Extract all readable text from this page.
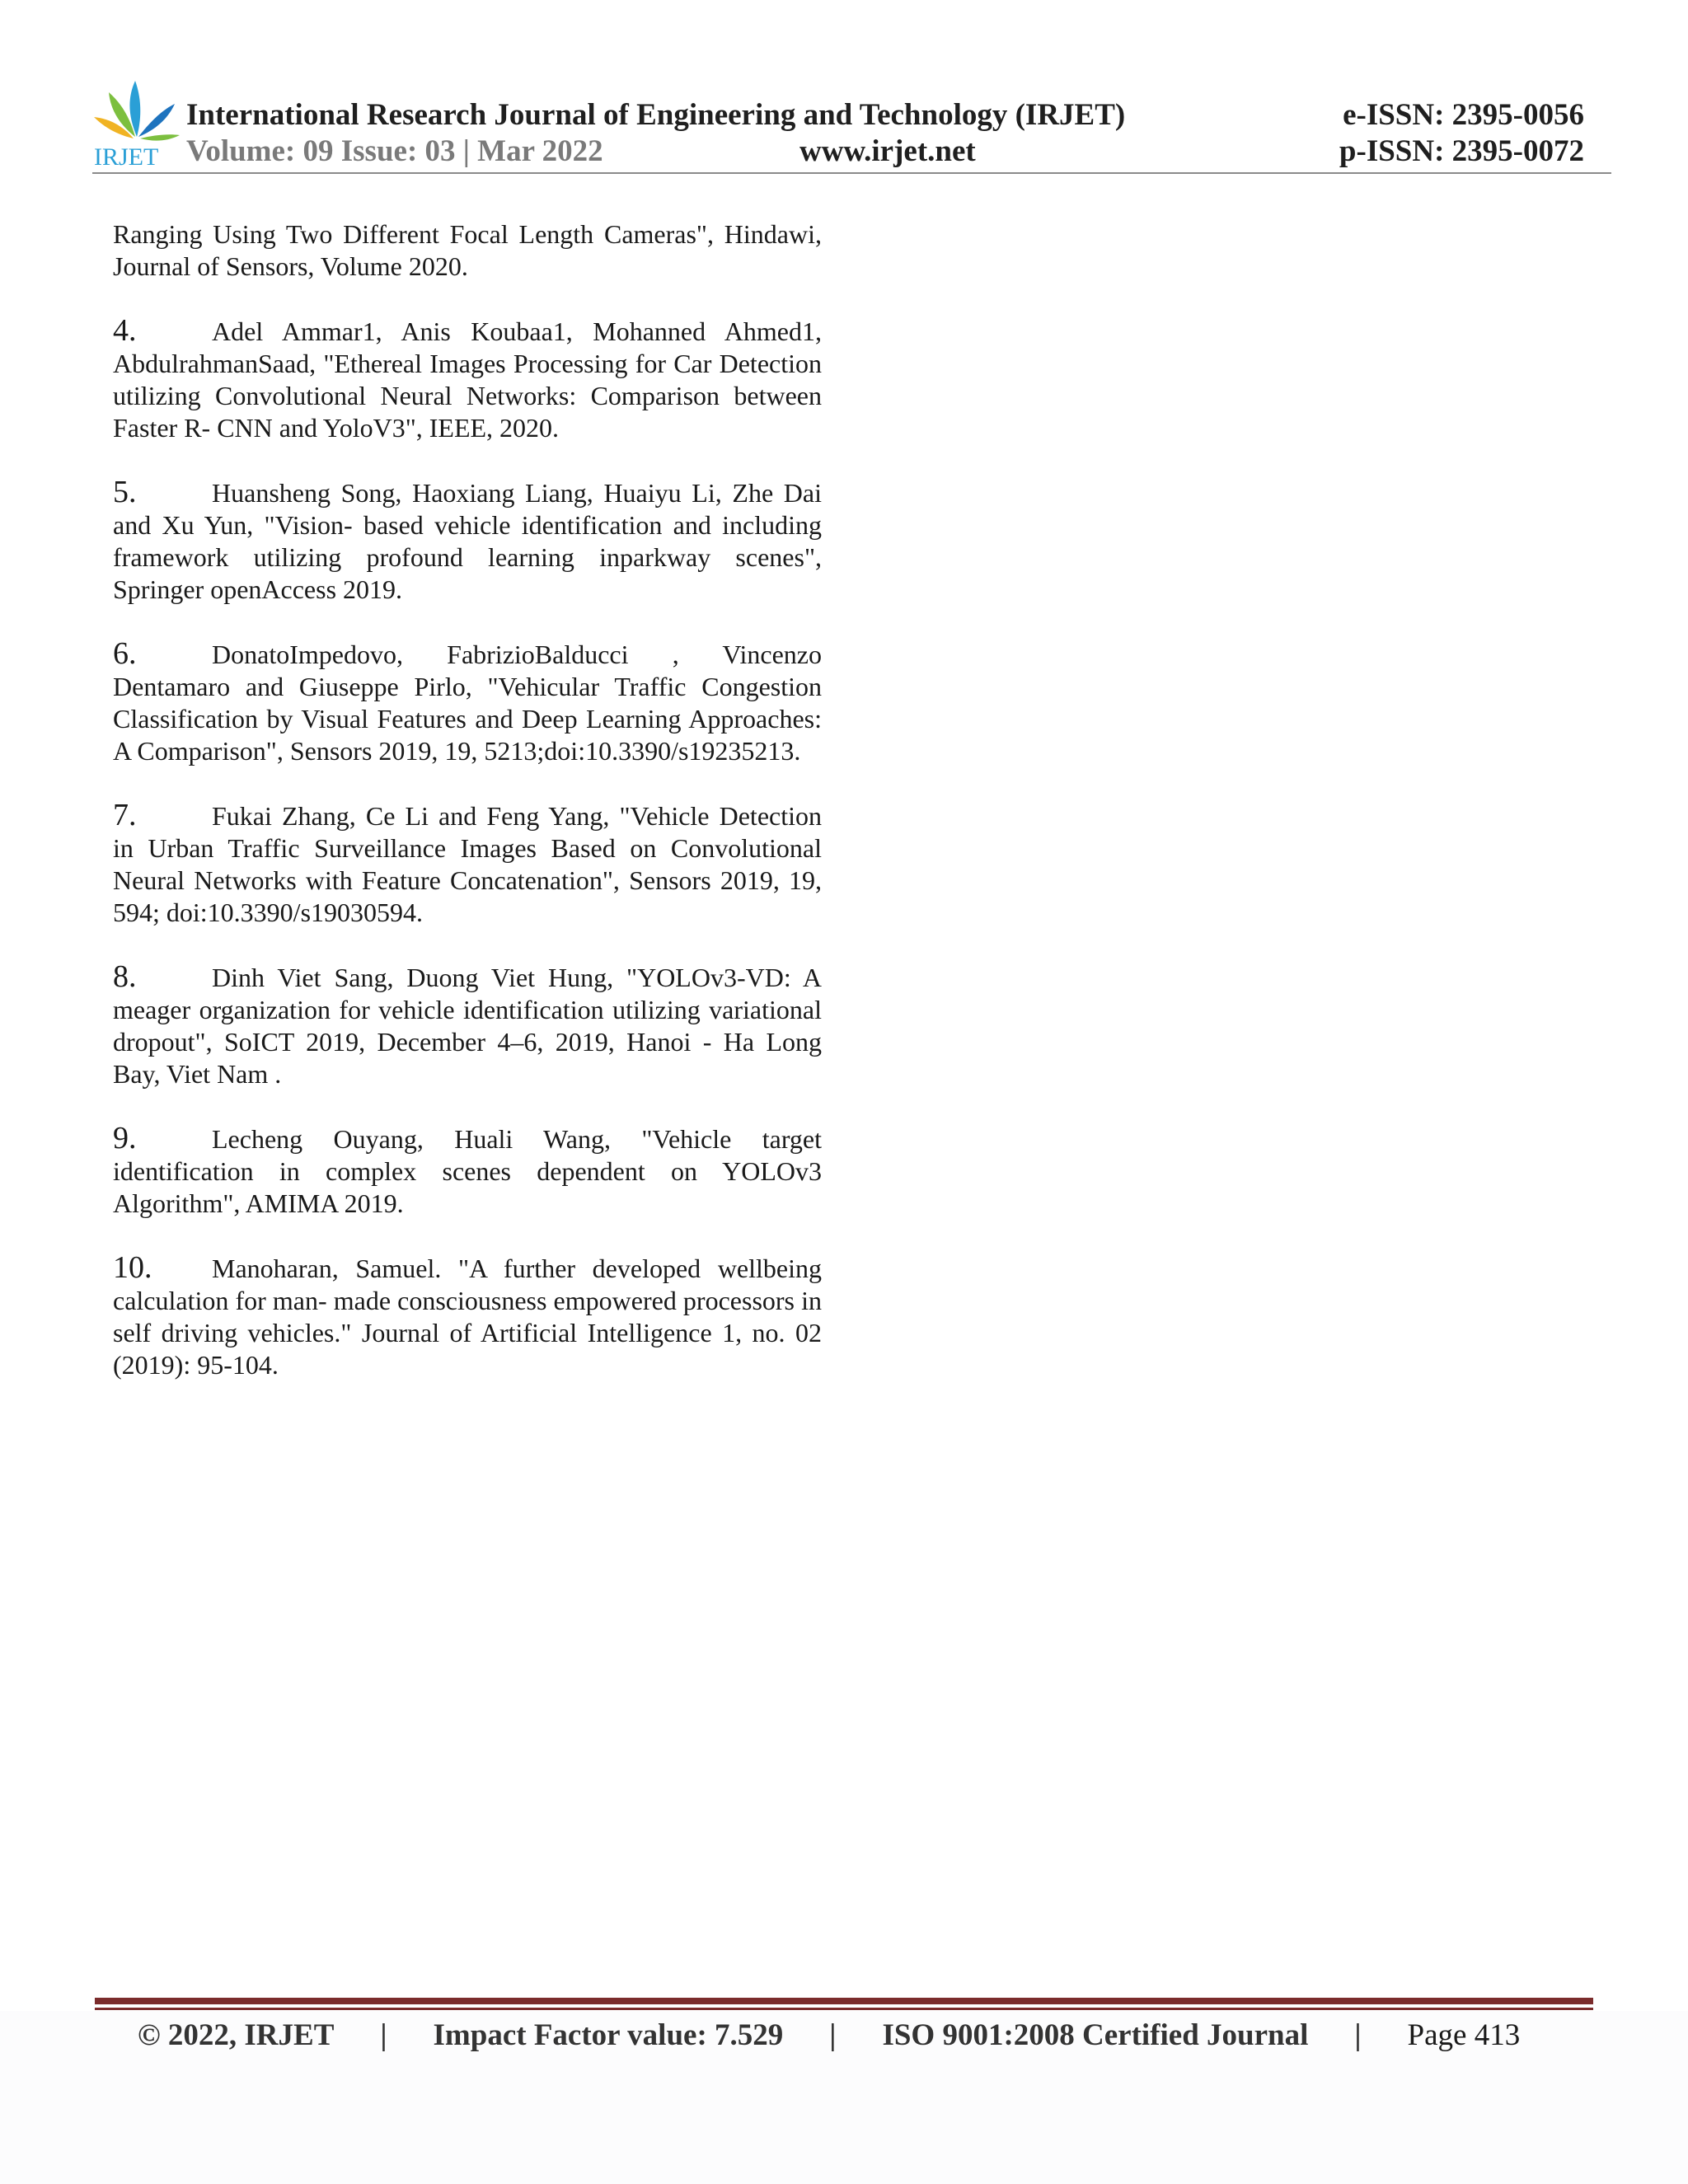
IRJET
International Research Journal of Engineering and Technology (IRJET)
Volume: 09 Issue: 03 | Mar 2022	www.irjet.net
e-ISSN: 2395-0056
p-ISSN: 2395-0072

Ranging Using Two Different Focal Length Cameras", Hindawi, Journal of Sensors, Volume 2020.

4.	Adel Ammar1, Anis Koubaa1, Mohanned Ahmed1, AbdulrahmanSaad, "Ethereal Images Processing for Car Detection utilizing Convolutional Neural Networks: Comparison between Faster R- CNN and YoloV3", IEEE, 2020.

5.	Huansheng Song, Haoxiang Liang, Huaiyu Li, Zhe Dai and Xu Yun, "Vision- based vehicle identification and including framework utilizing profound learning inparkway scenes", Springer openAccess 2019.

6.	DonatoImpedovo, FabrizioBalducci , Vincenzo Dentamaro and Giuseppe Pirlo, "Vehicular Traffic Congestion Classification by Visual Features and Deep Learning Approaches: A Comparison", Sensors 2019, 19, 5213;doi:10.3390/s19235213.

7.	Fukai Zhang, Ce Li and Feng Yang, "Vehicle Detection in Urban Traffic Surveillance Images Based on Convolutional Neural Networks with Feature Concatenation", Sensors 2019, 19, 594; doi:10.3390/s19030594.

8.	Dinh Viet Sang, Duong Viet Hung, "YOLOv3-VD: A meager organization for vehicle identification utilizing variational dropout", SoICT 2019, December 4–6, 2019, Hanoi - Ha Long Bay, Viet Nam .

9.	Lecheng Ouyang, Huali Wang, "Vehicle target identification in complex scenes dependent on YOLOv3 Algorithm", AMIMA 2019.

10. Manoharan, Samuel. "A further developed wellbeing calculation for man- made consciousness empowered processors in self driving vehicles." Journal of Artificial Intelligence 1, no. 02 (2019): 95-104.

© 2022, IRJET | Impact Factor value: 7.529 | ISO 9001:2008 Certified Journal | Page 413
